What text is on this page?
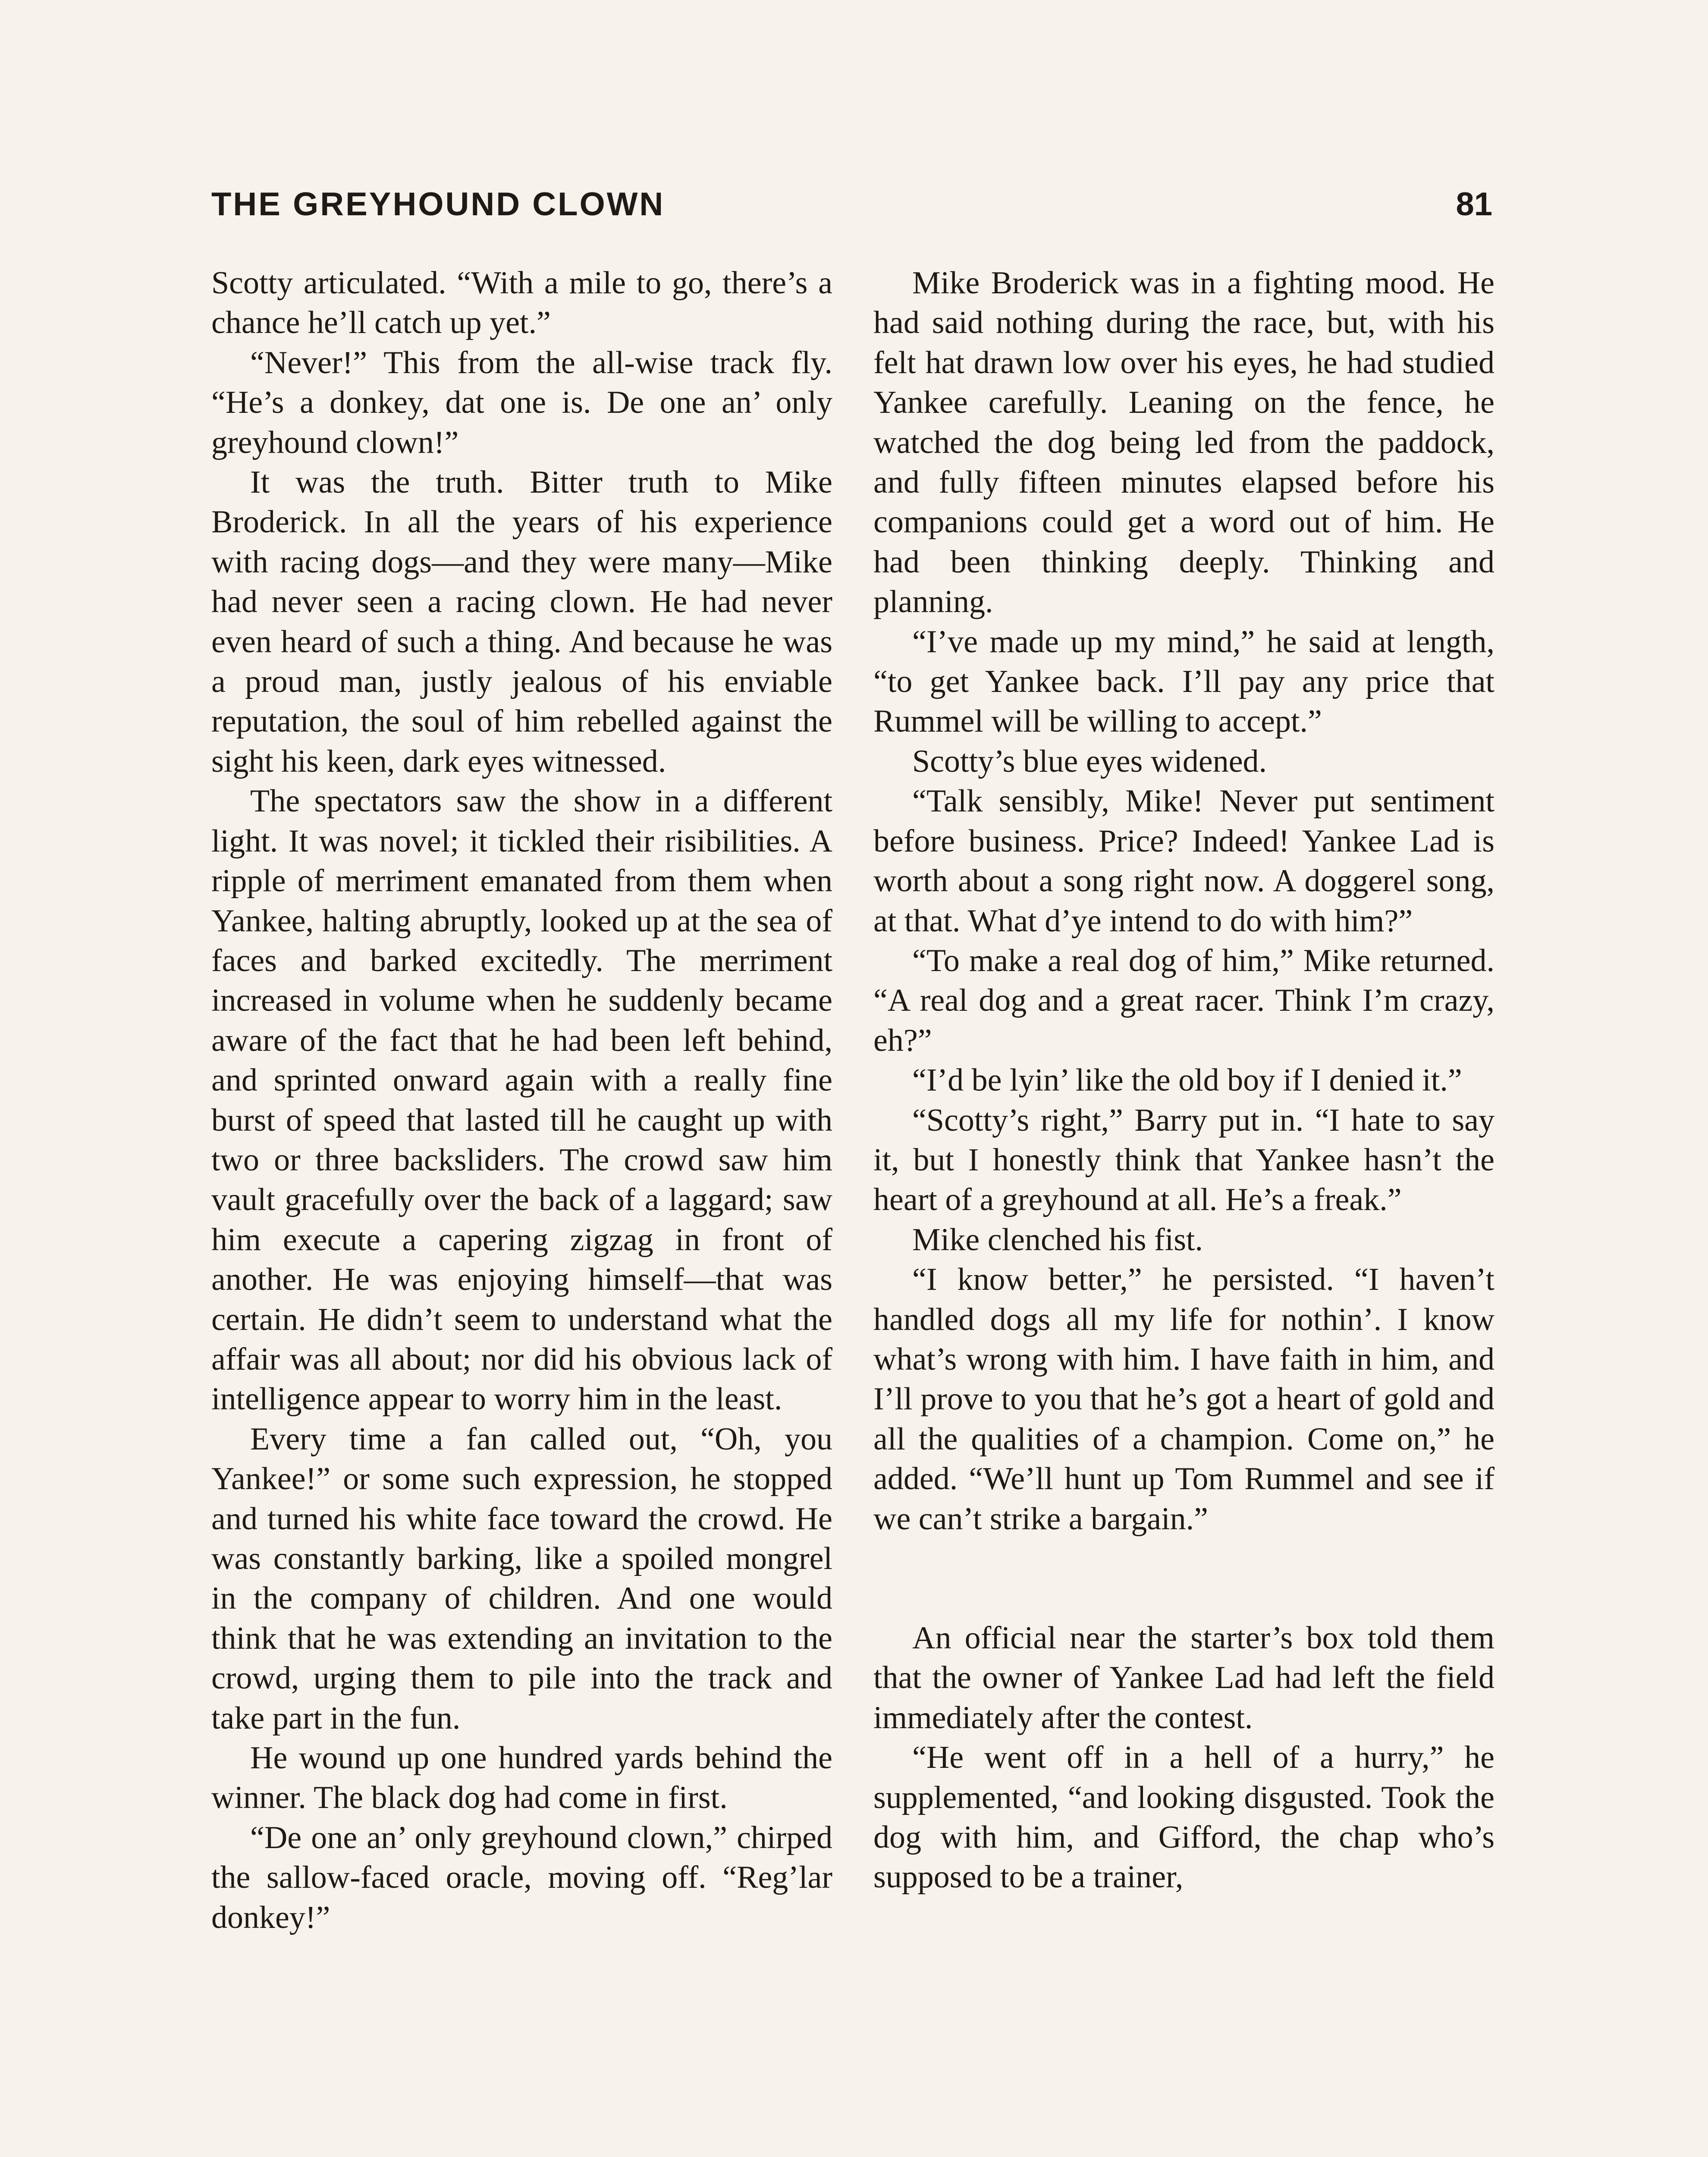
THE GREYHOUND CLOWN	81

Scotty articulated. “With a mile to go, there’s a chance he’ll catch up yet.”

“Never!” This from the all-wise track fly. “He’s a donkey, dat one is. De one an’ only greyhound clown!”

It was the truth. Bitter truth to Mike Broderick. In all the years of his experience with racing dogs—and they were many—Mike had never seen a racing clown. He had never even heard of such a thing. And because he was a proud man, justly jealous of his enviable reputation, the soul of him rebelled against the sight his keen, dark eyes witnessed.

The spectators saw the show in a different light. It was novel; it tickled their risibilities. A ripple of merriment emanated from them when Yankee, halting abruptly, looked up at the sea of faces and barked excitedly. The merriment increased in volume when he suddenly became aware of the fact that he had been left behind, and sprinted onward again with a really fine burst of speed that lasted till he caught up with two or three backsliders. The crowd saw him vault gracefully over the back of a laggard; saw him execute a capering zigzag in front of another. He was enjoying himself—that was certain. He didn’t seem to understand what the affair was all about; nor did his obvious lack of intelligence appear to worry him in the least.

Every time a fan called out, “Oh, you Yankee!” or some such expression, he stopped and turned his white face toward the crowd. He was constantly barking, like a spoiled mongrel in the company of children. And one would think that he was extending an invitation to the crowd, urging them to pile into the track and take part in the fun.

He wound up one hundred yards behind the winner. The black dog had come in first.

“De one an’ only greyhound clown,” chirped the sallow-faced oracle, moving off. “Reg’lar donkey!”

Mike Broderick was in a fighting mood. He had said nothing during the race, but, with his felt hat drawn low over his eyes, he had studied Yankee carefully. Leaning on the fence, he watched the dog being led from the paddock, and fully fifteen minutes elapsed before his companions could get a word out of him. He had been thinking deeply. Thinking and planning.

“I’ve made up my mind,” he said at length, “to get Yankee back. I’ll pay any price that Rummel will be willing to accept.”

Scotty’s blue eyes widened.

“Talk sensibly, Mike! Never put sentiment before business. Price? Indeed! Yankee Lad is worth about a song right now. A doggerel song, at that. What d’ye intend to do with him?”

“To make a real dog of him,” Mike returned. “A real dog and a great racer. Think I’m crazy, eh?”

“I’d be lyin’ like the old boy if I denied it.”

“Scotty’s right,” Barry put in. “I hate to say it, but I honestly think that Yankee hasn’t the heart of a greyhound at all. He’s a freak.”

Mike clenched his fist.

“I know better,” he persisted. “I haven’t handled dogs all my life for nothin’. I know what’s wrong with him. I have faith in him, and I’ll prove to you that he’s got a heart of gold and all the qualities of a champion. Come on,” he added. “We’ll hunt up Tom Rummel and see if we can’t strike a bargain.”

An official near the starter’s box told them that the owner of Yankee Lad had left the field immediately after the contest.

“He went off in a hell of a hurry,” he supplemented, “and looking disgusted. Took the dog with him, and Gifford, the chap who’s supposed to be a trainer,
